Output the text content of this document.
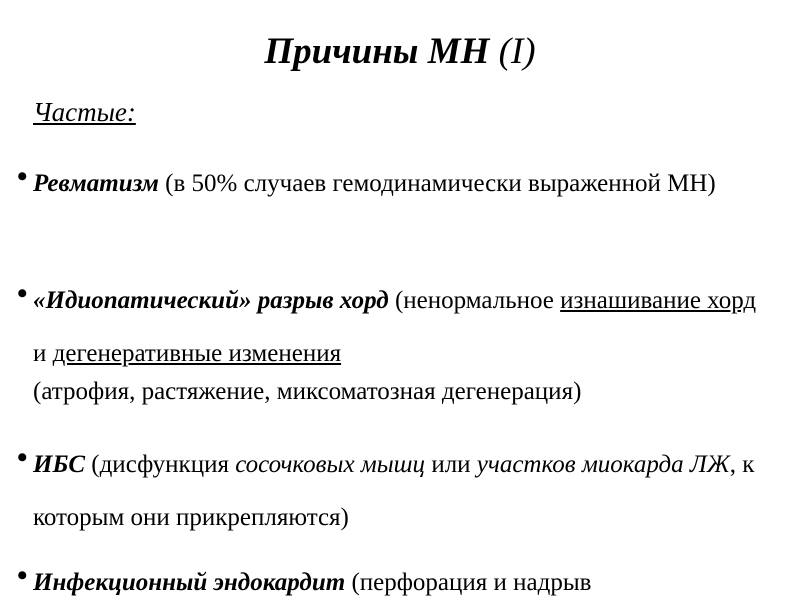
Причины МН (I)
Частые:
• Ревматизм (в 50% случаев гемодинамически выраженной МН)
• «Идиопатический» разрыв хорд (ненормальное изнашивание хорд и дегенеративные изменения
(атрофия, растяжение, миксоматозная дегенерация)
• ИБС (дисфункция сосочковых мышц или участков миокарда ЛЖ, к которым они прикрепляются)
• Инфекционный эндокардит (перфорация и надрыв
